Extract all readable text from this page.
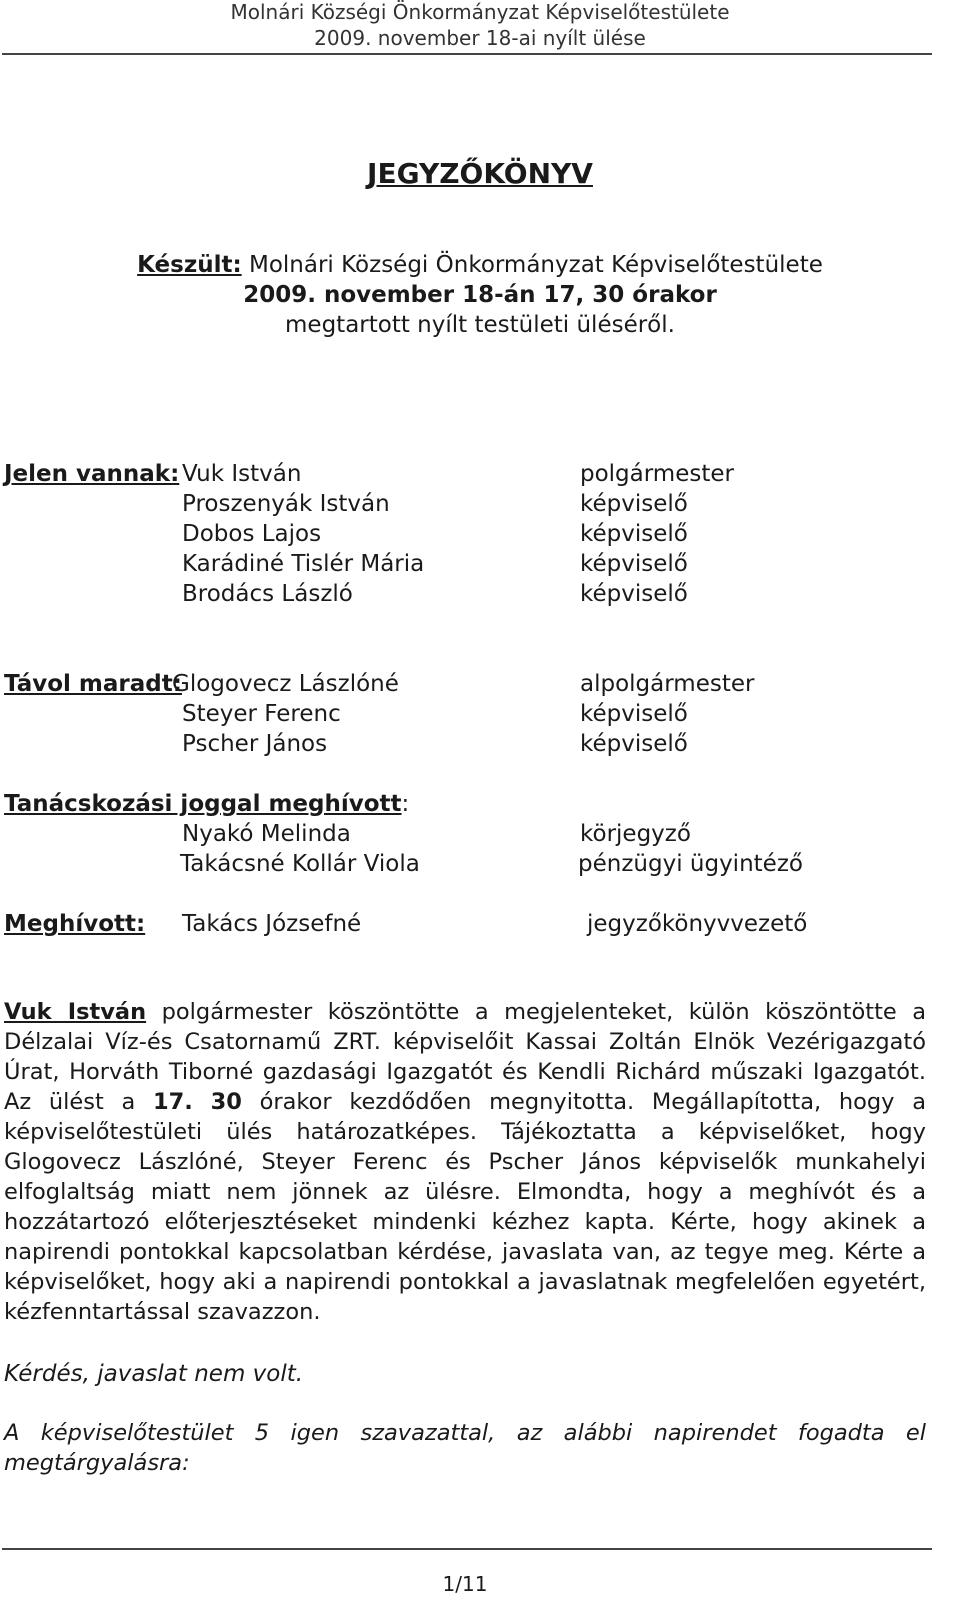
Molnári Községi Önkormányzat Képviselőtestülete
2009. november 18-ai nyílt ülése
JEGYZŐKÖNYV
Készült: Molnári Községi Önkormányzat Képviselőtestülete
2009. november 18-án 17, 30 órakor
megtartott nyílt testületi üléséről.
Jelen vannak: Vuk István	polgármester
Proszenyák István	képviselő
Dobos Lajos	képviselő
Karádiné Tislér Mária	képviselő
Brodács László	képviselő
Távol maradt:
Glogovecz Lászlóné	alpolgármester
Steyer Ferenc	képviselő
Pscher János	képviselő
Tanácskozási joggal meghívott:
Nyakó Melinda	körjegyző
Takácsné Kollár Viola	pénzügyi ügyintéző
Meghívott: Takács Józsefné	jegyzőkönyvvezető
Vuk István polgármester köszöntötte a megjelenteket, külön köszöntötte a Délzalai Víz-és Csatornamű ZRT. képviselőit Kassai Zoltán Elnök Vezérigazgató Úrat, Horváth Tiborné gazdasági Igazgatót és Kendli Richárd műszaki Igazgatót. Az ülést a 17. 30 órakor kezdődően megnyitotta. Megállapította, hogy a képviselőtestületi ülés határozatképes. Tájékoztatta a képviselőket, hogy Glogovecz Lászlóné, Steyer Ferenc és Pscher János képviselők munkahelyi elfoglaltság miatt nem jönnek az ülésre. Elmondta, hogy a meghívót és a hozzátartozó előterjesztéseket mindenki kézhez kapta. Kérte, hogy akinek a napirendi pontokkal kapcsolatban kérdése, javaslata van, az tegye meg. Kérte a képviselőket, hogy aki a napirendi pontokkal a javaslatnak megfelelően egyetért, kézfenntartással szavazzon.
Kérdés, javaslat nem volt.
A képviselőtestület 5 igen szavazattal, az alábbi napirendet fogadta el megtárgyalásra:
1/11
